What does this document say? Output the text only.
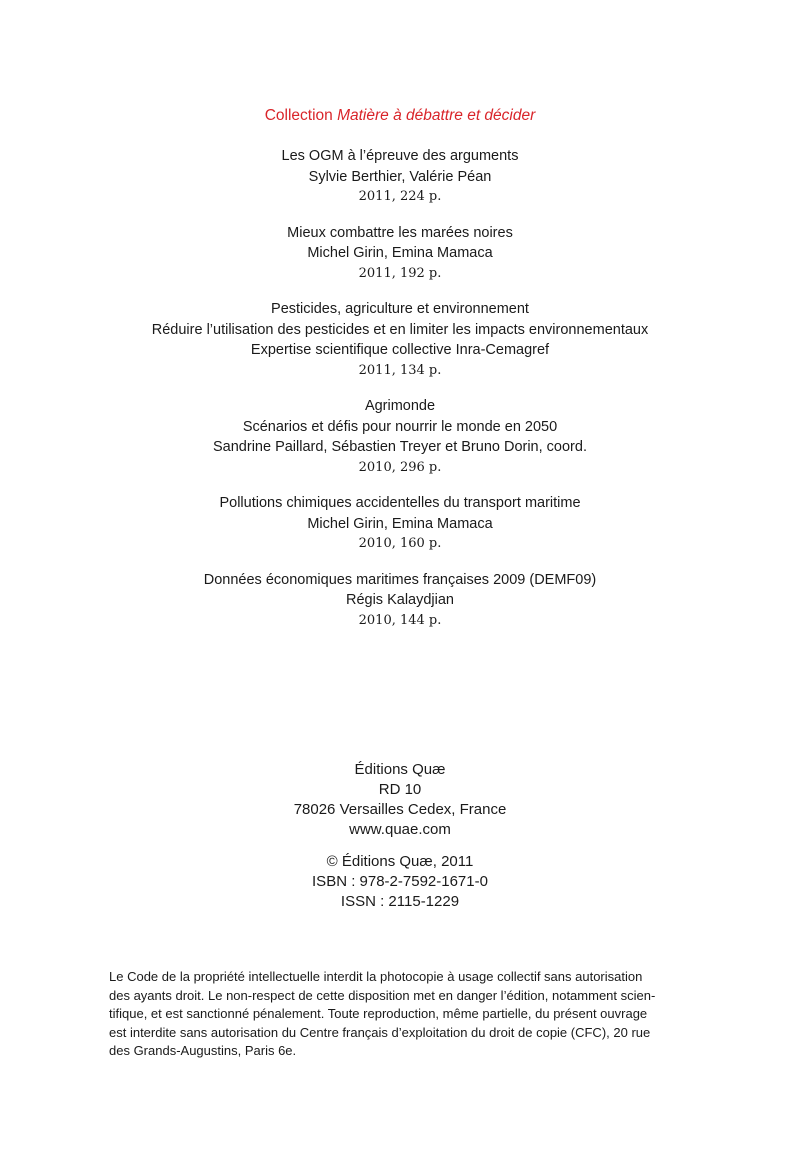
Collection Matière à débattre et décider
Les OGM à l’épreuve des arguments
Sylvie Berthier, Valérie Péan
2011, 224 p.
Mieux combattre les marées noires
Michel Girin, Emina Mamaca
2011, 192 p.
Pesticides, agriculture et environnement
Réduire l’utilisation des pesticides et en limiter les impacts environnementaux
Expertise scientifique collective Inra-Cemagref
2011, 134 p.
Agrimonde
Scénarios et défis pour nourrir le monde en 2050
Sandrine Paillard, Sébastien Treyer et Bruno Dorin, coord.
2010, 296 p.
Pollutions chimiques accidentelles du transport maritime
Michel Girin, Emina Mamaca
2010, 160 p.
Données économiques maritimes françaises 2009 (DEMF09)
Régis Kalaydjian
2010, 144 p.
Éditions Quæ
RD 10
78026 Versailles Cedex, France
www.quae.com
© Éditions Quæ, 2011
ISBN : 978-2-7592-1671-0
ISSN : 2115-1229

Le Code de la propriété intellectuelle interdit la photocopie à usage collectif sans autorisation

des ayants droit. Le non-respect de cette disposition met en danger l’édition, notamment scien-

tifique, et est sanctionné pénalement. Toute reproduction, même partielle, du présent ouvrage

est interdite sans autorisation du Centre français d’exploitation du droit de copie (CFC), 20 rue

des Grands-Augustins, Paris 6e.
